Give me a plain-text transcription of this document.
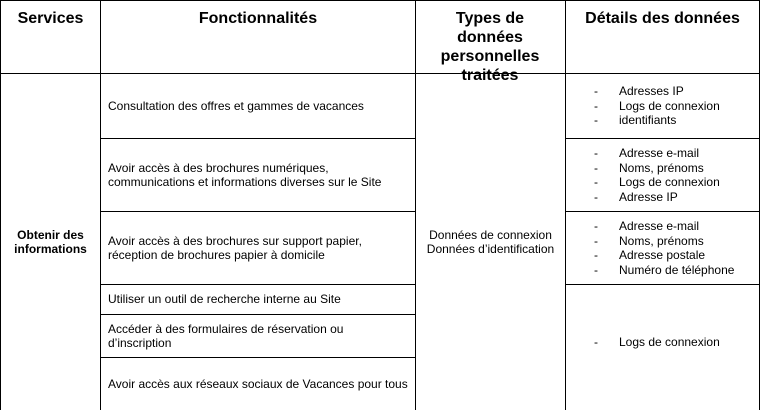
Services	Fonctionnalités	Types de données personnelles traitées
Détails des données
Obtenir des informations
Consultation des offres et gammes de vacances
Avoir accès à des brochures numériques, communications et informations diverses sur le Site
Avoir accès à des brochures sur support papier, réception de brochures papier à domicile
Utiliser un outil de recherche interne au Site
Accéder à des formulaires de réservation ou d’inscription
Avoir accès aux réseaux sociaux de Vacances pour tous
Données de connexion
Données d’identification
- Adresses IP
- Logs de connexion
- identifiants
- Adresse e-mail
- Noms, prénoms
- Logs de connexion
- Adresse IP
- Adresse e-mail
- Noms, prénoms
- Adresse postale
- Numéro de téléphone
- Logs de connexion
